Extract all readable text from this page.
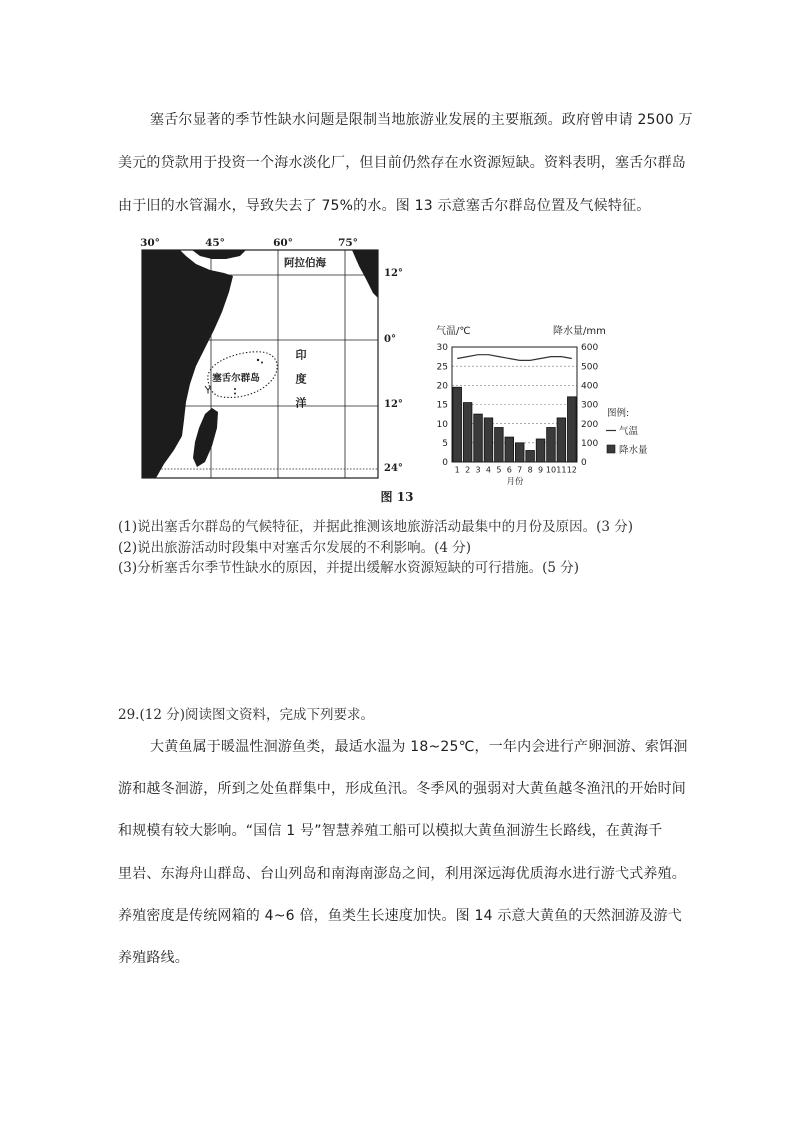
塞舌尔显著的季节性缺水问题是限制当地旅游业发展的主要瓶颈。政府曾申请 2500 万
美元的贷款用于投资一个海水淡化厂，但目前仍然存在水资源短缺。资料表明，塞舌尔群岛
由于旧的水管漏水，导致失去了 75%的水。图 13 示意塞舌尔群岛位置及气候特征。
塞舌尔群岛
阿拉伯海
30°	45°	60°	75°
12°
0°
12°
24°
30
25
20
15
10
5
0
600
500
400
300
200
100
0
1 2 3 4 5 6 7 8 9 10 11 12
气温/℃	降水量/mm
月份
图例:
气温
降水量
图 13
印度洋
(1)说出塞舌尔群岛的气候特征，并据此推测该地旅游活动最集中的月份及原因。(3 分)
(2)说出旅游活动时段集中对塞舌尔发展的不利影响。(4 分)
(3)分析塞舌尔季节性缺水的原因，并提出缓解水资源短缺的可行措施。(5 分)
29.(12 分)阅读图文资料，完成下列要求。
大黄鱼属于暖温性洄游鱼类，最适水温为 18~25℃，一年内会进行产卵洄游、索饵洄
游和越冬洄游，所到之处鱼群集中，形成鱼汛。冬季风的强弱对大黄鱼越冬渔汛的开始时间
和规模有较大影响。“国信 1 号”智慧养殖工船可以模拟大黄鱼洄游生长路线，在黄海千
里岩、东海舟山群岛、台山列岛和南海南澎岛之间，利用深远海优质海水进行游弋式养殖。
养殖密度是传统网箱的 4~6 倍，鱼类生长速度加快。图 14 示意大黄鱼的天然洄游及游弋
养殖路线。
